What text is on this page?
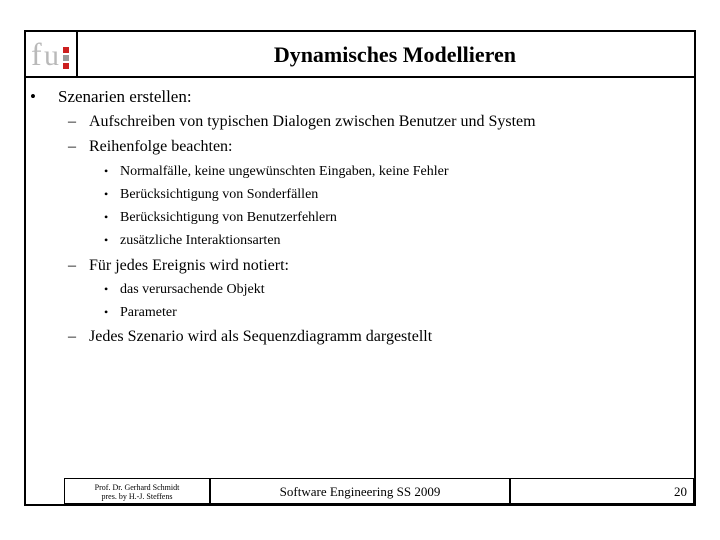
f u	Dynamisches Modellieren
• Szenarien erstellen:
– Aufschreiben von typischen Dialogen zwischen Benutzer und System
– Reihenfolge beachten:
• Normalfälle, keine ungewünschten Eingaben, keine Fehler
• Berücksichtigung von Sonderfällen
• Berücksichtigung von Benutzerfehlern
• zusätzliche Interaktionsarten
– Für jedes Ereignis wird notiert:
• das verursachende Objekt
• Parameter
– Jedes Szenario wird als Sequenzdiagramm dargestellt
Prof. Dr. Gerhard Schmidt
pres. by H.-J. Steffens	Software Engineering SS 2009	20
